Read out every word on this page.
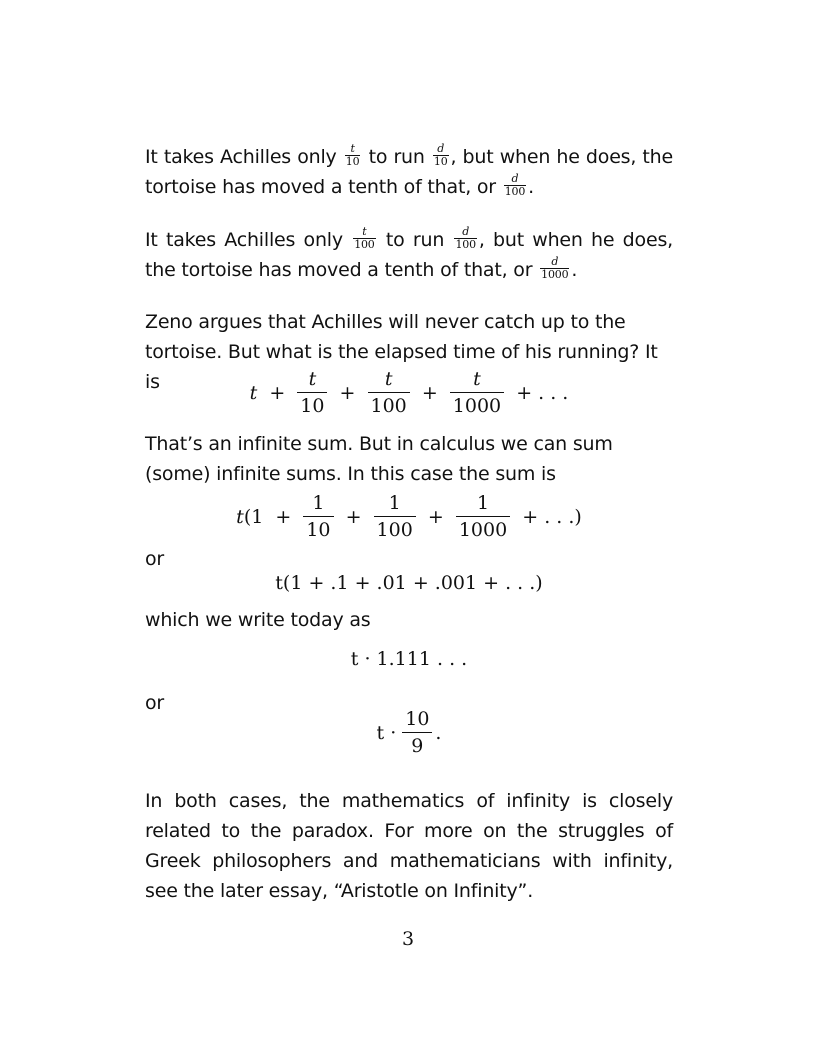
It takes Achilles only $\frac{t}{10}$ to run $\frac{d}{10}$ , but when he does, the tortoise has moved a tenth of that, or $\frac{d}{100}$ .

It takes Achilles only $\frac{t}{100}$ to run $\frac{d}{100}$ , but when he does, the tortoise has moved a tenth of that, or $\frac{d}{1000}$ .

Zeno argues that Achilles will never catch up to the tortoise. But what is the elapsed time of his running? It is	$t + \frac{t}{10} + \frac{t}{100} + \frac{t}{1000}$ + . . .

That’s an infinite sum. But in calculus we can sum (some) infinite sums. In this case the sum is

$t(1 + \frac{1}{10} + \frac{1}{100} + \frac{1}{1000}$ + . . .)

or

t(1 + .1 + .01 + .001 + . . .)

which we write today as

t · 1.111 . . .

or

$t \cdot \frac{10}{9}$ .

In both cases, the mathematics of infinity is closely related to the paradox. For more on the struggles of Greek philosophers and mathematicians with infinity, see the later essay, “Aristotle on Infinity”.

3
